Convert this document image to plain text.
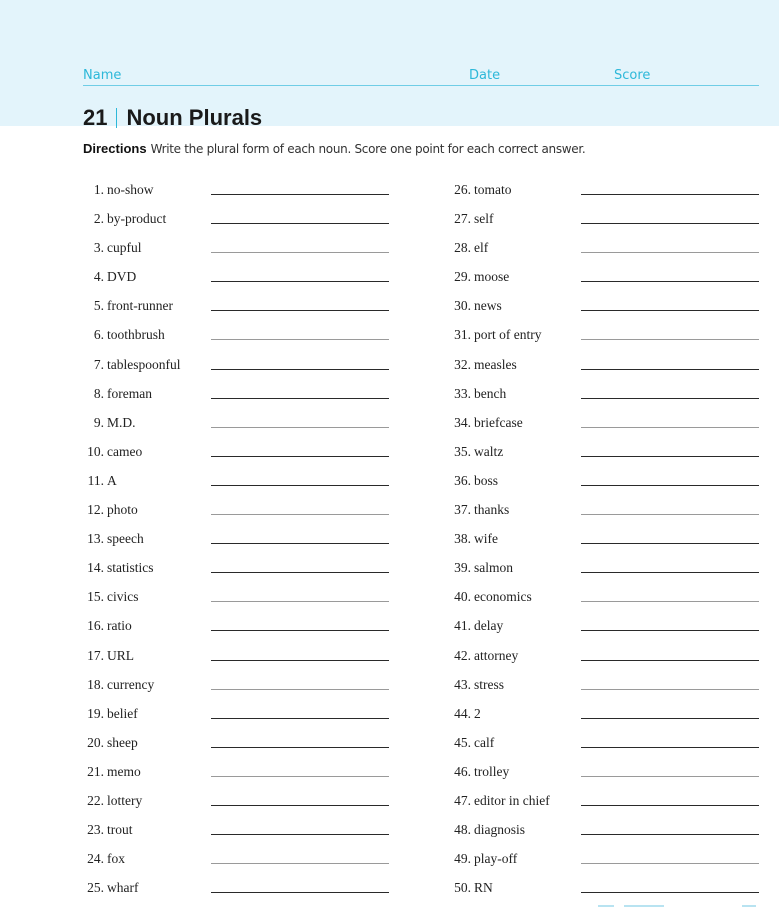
Name	Date	Score
21 Noun Plurals
Directions Write the plural form of each noun. Score one point for each correct answer.
1. no-show
2. by-product
3. cupful
4. DVD
5. front-runner
6. toothbrush
7. tablespoonful
8. foreman
9. M.D.
10. cameo
11. A
12. photo
13. speech
14. statistics
15. civics
16. ratio
17. URL
18. currency
19. belief
20. sheep
21. memo
22. lottery
23. trout
24. fox
25. wharf
26. tomato
27. self
28. elf
29. moose
30. news
31. port of entry
32. measles
33. bench
34. briefcase
35. waltz
36. boss
37. thanks
38. wife
39. salmon
40. economics
41. delay
42. attorney
43. stress
44. 2
45. calf
46. trolley
47. editor in chief
48. diagnosis
49. play-off
50. RN
